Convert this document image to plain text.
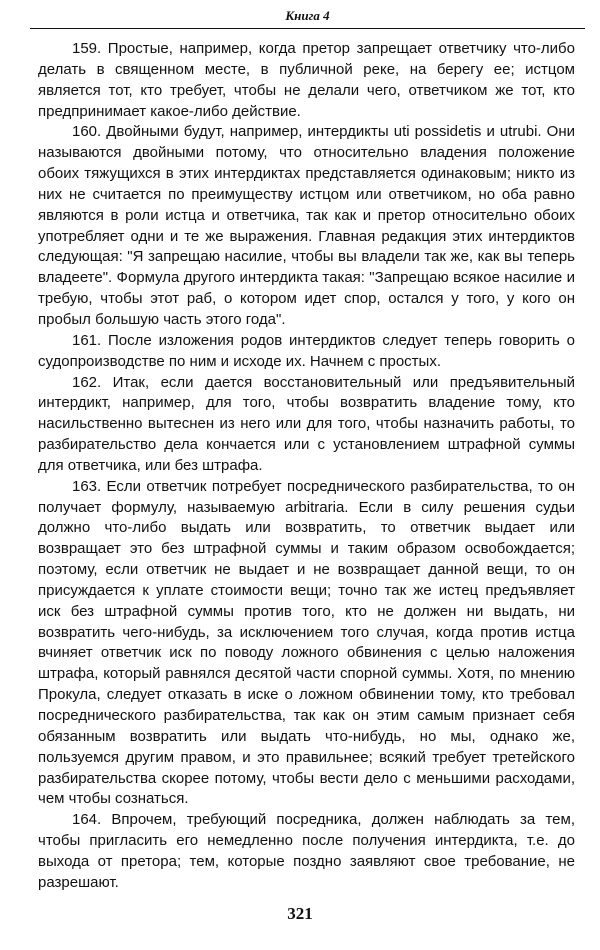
Книга 4

159. Простые, например, когда претор запрещает ответчику что-либо делать в священном месте, в публичной реке, на берегу ее; истцом является тот, кто требует, чтобы не делали чего, ответчиком же тот, кто предпринимает какое-либо действие.

160. Двойными будут, например, интердикты uti possidetis и utrubi. Они называются двойными потому, что относительно владения положение обоих тяжущихся в этих интердиктах представляется одинаковым; никто из них не считается по преимуществу истцом или ответчиком, но оба равно являются в роли истца и ответчика, так как и претор относительно обоих употребляет одни и те же выражения. Главная редакция этих интердиктов следующая: "Я запрещаю насилие, чтобы вы владели так же, как вы теперь владеете". Формула другого интердикта такая: "Запрещаю всякое насилие и требую, чтобы этот раб, о котором идет спор, остался у того, у кого он пробыл большую часть этого года".

161. После изложения родов интердиктов следует теперь говорить о судопроизводстве по ним и исходе их. Начнем с простых.

162. Итак, если дается восстановительный или предъявительный интердикт, например, для того, чтобы возвратить владение тому, кто насильственно вытеснен из него или для того, чтобы назначить работы, то разбирательство дела кончается или с установлением штрафной суммы для ответчика, или без штрафа.

163. Если ответчик потребует посреднического разбирательства, то он получает формулу, называемую arbitraria. Если в силу решения судьи должно что-либо выдать или возвратить, то ответчик выдает или возвращает это без штрафной суммы и таким образом освобождается; поэтому, если ответчик не выдает и не возвращает данной вещи, то он присуждается к уплате стоимости вещи; точно так же истец предъявляет иск без штрафной суммы против того, кто не должен ни выдать, ни возвратить чего-нибудь, за исключением того случая, когда против истца вчиняет ответчик иск по поводу ложного обвинения с целью наложения штрафа, который равнялся десятой части спорной суммы. Хотя, по мнению Прокула, следует отказать в иске о ложном обвинении тому, кто требовал посреднического разбирательства, так как он этим самым признает себя обязанным возвратить или выдать что-нибудь, но мы, однако же, пользуемся другим правом, и это правильнее; всякий требует третейского разбирательства скорее потому, чтобы вести дело с меньшими расходами, чем чтобы сознаться.

164. Впрочем, требующий посредника, должен наблюдать за тем, чтобы пригласить его немедленно после получения интердикта, т.е. до выхода от претора; тем, которые поздно заявляют свое требование, не разрешают.

321
